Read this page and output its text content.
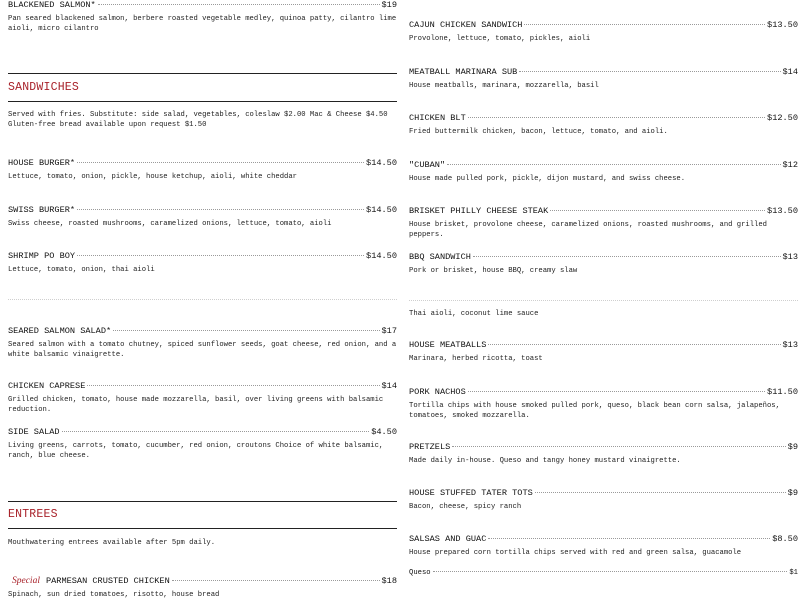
BLACKENED SALMON*	$19
Pan seared blackened salmon, berbere roasted vegetable medley, quinoa patty, cilantro lime aioli, micro cilantro
SANDWICHES
Served with fries. Substitute: side salad, vegetables, coleslaw $2.00 Mac & Cheese $4.50 Gluten-free bread available upon request $1.50
HOUSE BURGER*	$14.50
Lettuce, tomato, onion, pickle, house ketchup, aioli, white cheddar
SWISS BURGER*	$14.50
Swiss cheese, roasted mushrooms, caramelized onions, lettuce, tomato, aioli
SHRIMP PO BOY	$14.50
Lettuce, tomato, onion, thai aioli
SEARED SALMON SALAD*	$17
Seared salmon with a tomato chutney, spiced sunflower seeds, goat cheese, red onion, and a white balsamic vinaigrette.
CHICKEN CAPRESE	$14
Grilled chicken, tomato, house made mozzarella, basil, over living greens with balsamic reduction.
SIDE SALAD	$4.50
Living greens, carrots, tomato, cucumber, red onion, croutons Choice of white balsamic, ranch, blue cheese.
ENTREES
Mouthwatering entrees available after 5pm daily.
Special PARMESAN CRUSTED CHICKEN	$18
Spinach, sun dried tomatoes, risotto, house bread
CAJUN CHICKEN SANDWICH	$13.50
Provolone, lettuce, tomato, pickles, aioli
MEATBALL MARINARA SUB	$14
House meatballs, marinara, mozzarella, basil
CHICKEN BLT	$12.50
Fried buttermilk chicken, bacon, lettuce, tomato, and aioli.
"CUBAN"	$12
House made pulled pork, pickle, dijon mustard, and swiss cheese.
BRISKET PHILLY CHEESE STEAK	$13.50
House brisket, provolone cheese, caramelized onions, roasted mushrooms, and grilled peppers.
BBQ SANDWICH	$13
Pork or brisket, house BBQ, creamy slaw
Thai aioli, coconut lime sauce
HOUSE MEATBALLS	$13
Marinara, herbed ricotta, toast
PORK NACHOS	$11.50
Tortilla chips with house smoked pulled pork, queso, black bean corn salsa, jalapeños, tomatoes, smoked mozzarella.
PRETZELS	$9
Made daily in-house. Queso and tangy honey mustard vinaigrette.
HOUSE STUFFED TATER TOTS	$9
Bacon, cheese, spicy ranch
SALSAS AND GUAC	$8.50
House prepared corn tortilla chips served with red and green salsa, guacamole
Queso	$1
